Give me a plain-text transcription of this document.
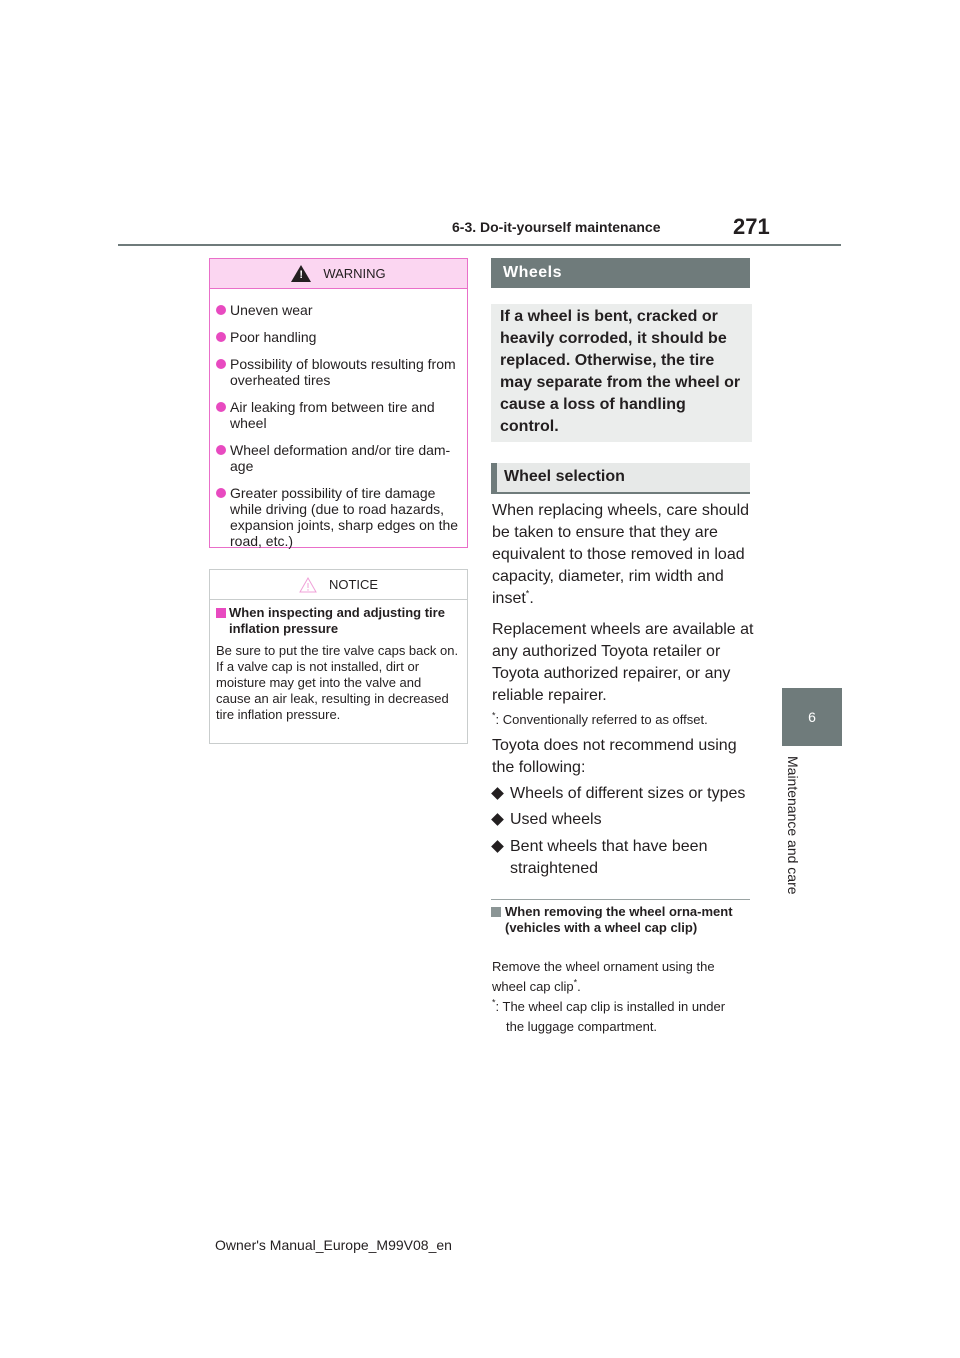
6-3. Do-it-yourself maintenance	271
6
Maintenance and care
! WARNING
Uneven wear
Poor handling
Possibility of blowouts resulting from overheated tires
Air leaking from between tire and wheel
Wheel deformation and/or tire dam-age
Greater possibility of tire damage while driving (due to road hazards, expansion joints, sharp edges on the road, etc.)
NOTICE
When inspecting and adjusting tire inflation pressure
Be sure to put the tire valve caps back on.
If a valve cap is not installed, dirt or moisture may get into the valve and cause an air leak, resulting in decreased tire inflation pressure.
Wheels
If a wheel is bent, cracked or heavily corroded, it should be replaced. Otherwise, the tire may separate from the wheel or cause a loss of handling control.
Wheel selection
When replacing wheels, care should be taken to ensure that they are equivalent to those removed in load capacity, diameter, rim width and inset*.
Replacement wheels are available at any authorized Toyota retailer or Toyota authorized repairer, or any reliable repairer.
*: Conventionally referred to as offset.
Toyota does not recommend using the following:
Wheels of different sizes or types
Used wheels
Bent wheels that have been straightened
When removing the wheel orna-ment (vehicles with a wheel cap clip)
Remove the wheel ornament using the wheel cap clip*.
*: The wheel cap clip is installed in under the luggage compartment.
Owner's Manual_Europe_M99V08_en
